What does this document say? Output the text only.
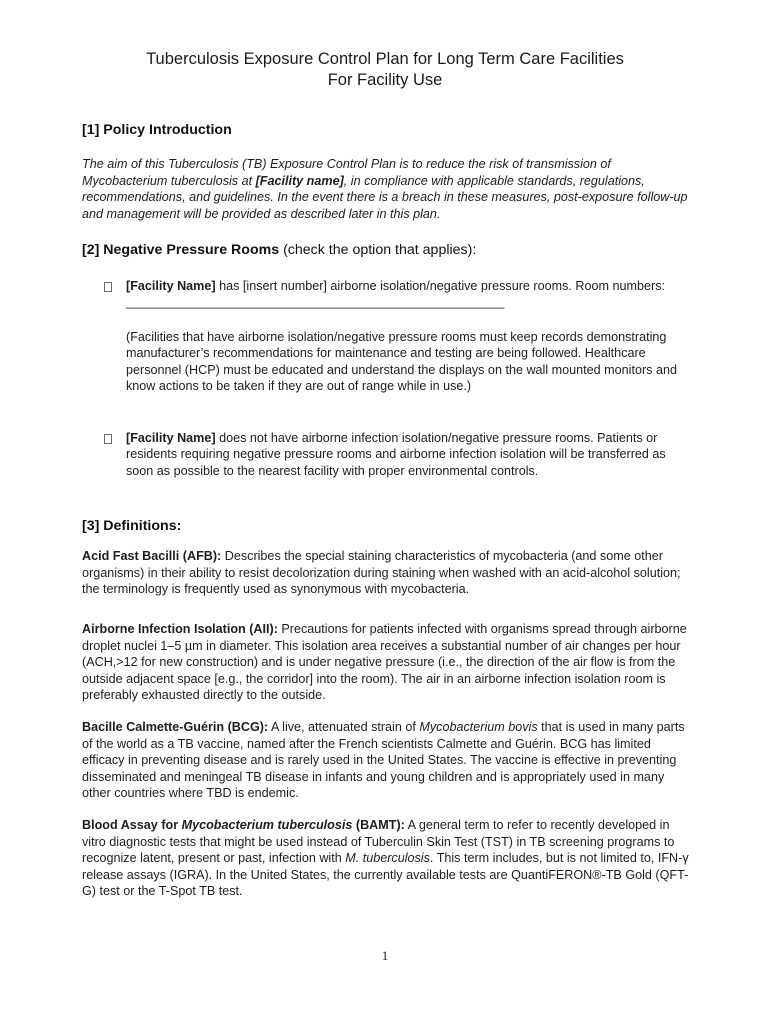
Tuberculosis Exposure Control Plan for Long Term Care Facilities
For Facility Use
[1] Policy Introduction
The aim of this Tuberculosis (TB) Exposure Control Plan is to reduce the risk of transmission of Mycobacterium tuberculosis at [Facility name], in compliance with applicable standards, regulations, recommendations, and guidelines. In the event there is a breach in these measures, post-exposure follow-up and management will be provided as described later in this plan.
[2] Negative Pressure Rooms (check the option that applies):
[Facility Name] has [insert number] airborne isolation/negative pressure rooms. Room numbers: ______________________________________________________
(Facilities that have airborne isolation/negative pressure rooms must keep records demonstrating manufacturer’s recommendations for maintenance and testing are being followed. Healthcare personnel (HCP) must be educated and understand the displays on the wall mounted monitors and know actions to be taken if they are out of range while in use.)
[Facility Name] does not have airborne infection isolation/negative pressure rooms. Patients or residents requiring negative pressure rooms and airborne infection isolation will be transferred as soon as possible to the nearest facility with proper environmental controls.
[3] Definitions:
Acid Fast Bacilli (AFB): Describes the special staining characteristics of mycobacteria (and some other organisms) in their ability to resist decolorization during staining when washed with an acid-alcohol solution; the terminology is frequently used as synonymous with mycobacteria.
Airborne Infection Isolation (AII): Precautions for patients infected with organisms spread through airborne droplet nuclei 1–5 µm in diameter. This isolation area receives a substantial number of air changes per hour (ACH,>12 for new construction) and is under negative pressure (i.e., the direction of the air flow is from the outside adjacent space [e.g., the corridor] into the room). The air in an airborne infection isolation room is preferably exhausted directly to the outside.
Bacille Calmette-Guérin (BCG): A live, attenuated strain of Mycobacterium bovis that is used in many parts of the world as a TB vaccine, named after the French scientists Calmette and Guérin. BCG has limited efficacy in preventing disease and is rarely used in the United States. The vaccine is effective in preventing disseminated and meningeal TB disease in infants and young children and is appropriately used in many other countries where TBD is endemic.
Blood Assay for Mycobacterium tuberculosis (BAMT): A general term to refer to recently developed in vitro diagnostic tests that might be used instead of Tuberculin Skin Test (TST) in TB screening programs to recognize latent, present or past, infection with M. tuberculosis. This term includes, but is not limited to, IFN-γ release assays (IGRA). In the United States, the currently available tests are QuantiFERON®-TB Gold (QFT-G) test or the T-Spot TB test.
1
